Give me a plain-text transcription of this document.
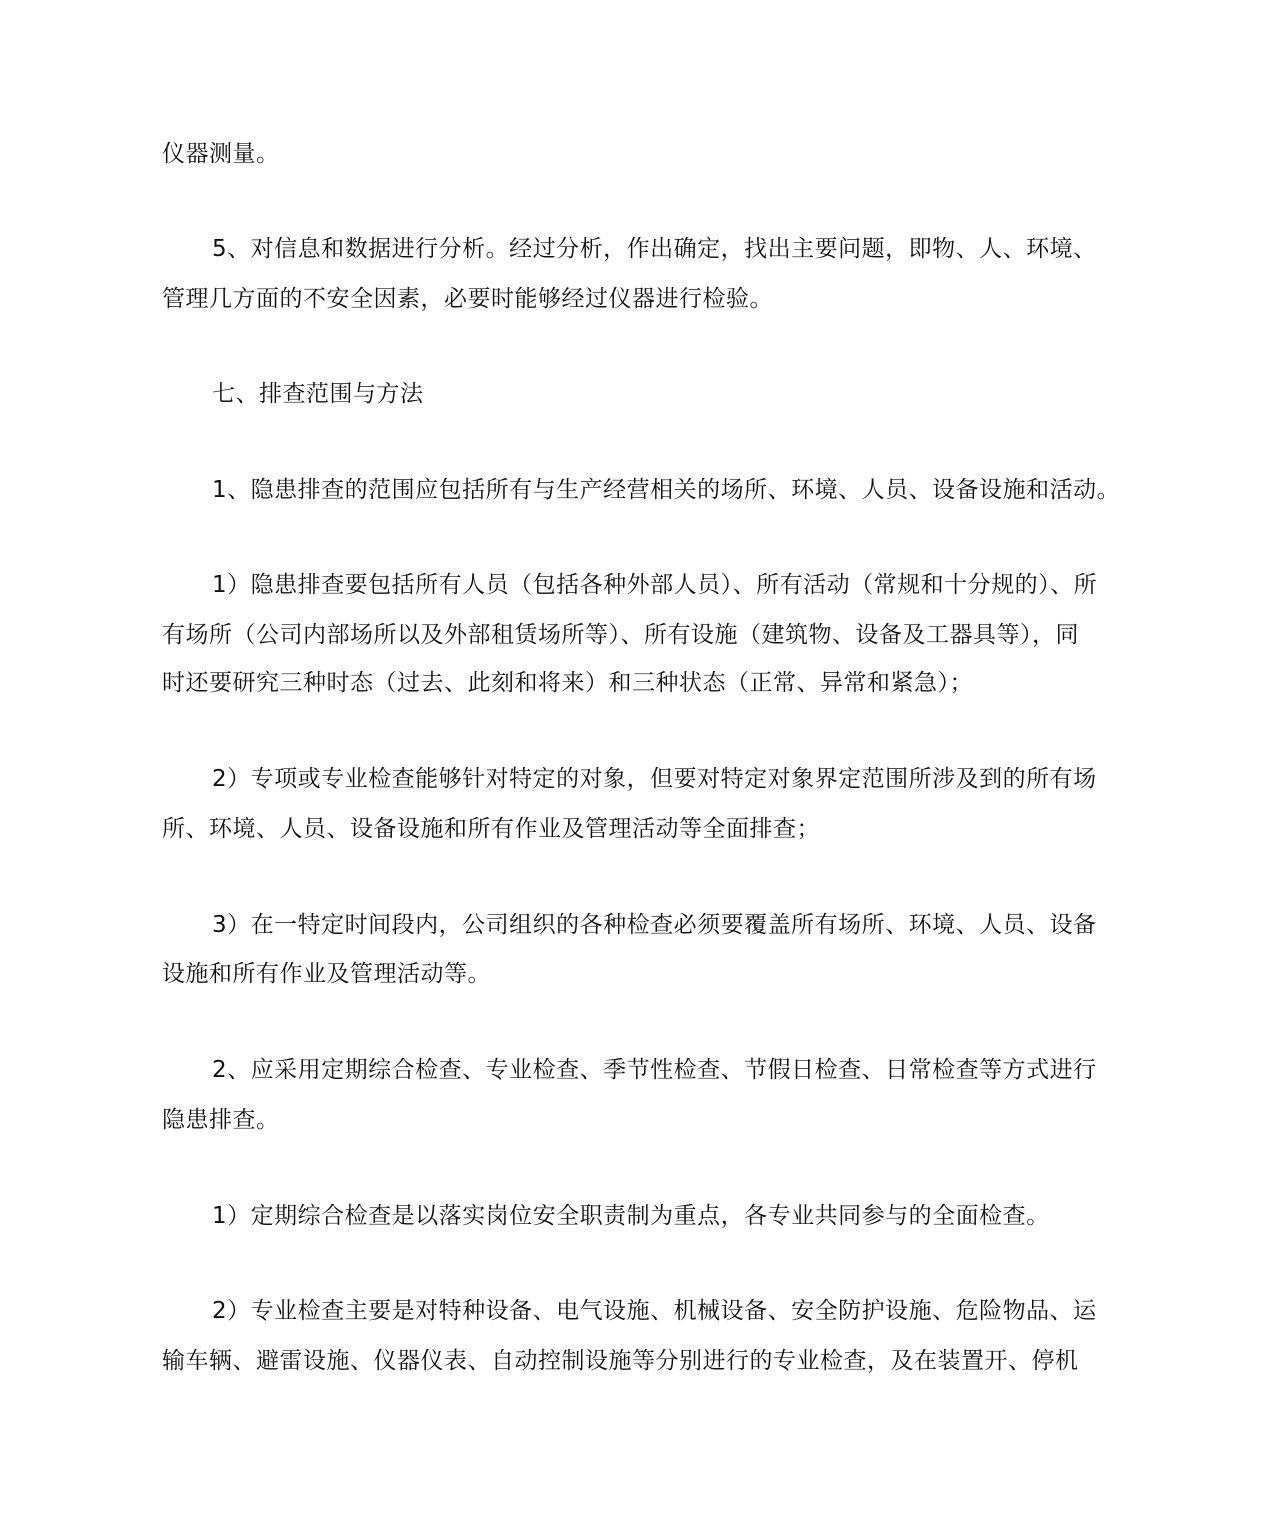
仪器测量。
5、对信息和数据进行分析。经过分析，作出确定，找出主要问题，即物、人、环境、
管理几方面的不安全因素，必要时能够经过仪器进行检验。
七、排查范围与方法
1、隐患排查的范围应包括所有与生产经营相关的场所、环境、人员、设备设施和活动。
1）隐患排查要包括所有人员（包括各种外部人员）、所有活动（常规和十分规的）、所
有场所（公司内部场所以及外部租赁场所等）、所有设施（建筑物、设备及工器具等），同
时还要研究三种时态（过去、此刻和将来）和三种状态（正常、异常和紧急）；
2）专项或专业检查能够针对特定的对象，但要对特定对象界定范围所涉及到的所有场
所、环境、人员、设备设施和所有作业及管理活动等全面排查；
3）在一特定时间段内，公司组织的各种检查必须要覆盖所有场所、环境、人员、设备
设施和所有作业及管理活动等。
2、应采用定期综合检查、专业检查、季节性检查、节假日检查、日常检查等方式进行
隐患排查。
1）定期综合检查是以落实岗位安全职责制为重点，各专业共同参与的全面检查。
2）专业检查主要是对特种设备、电气设施、机械设备、安全防护设施、危险物品、运
输车辆、避雷设施、仪器仪表、自动控制设施等分别进行的专业检查，及在装置开、停机
